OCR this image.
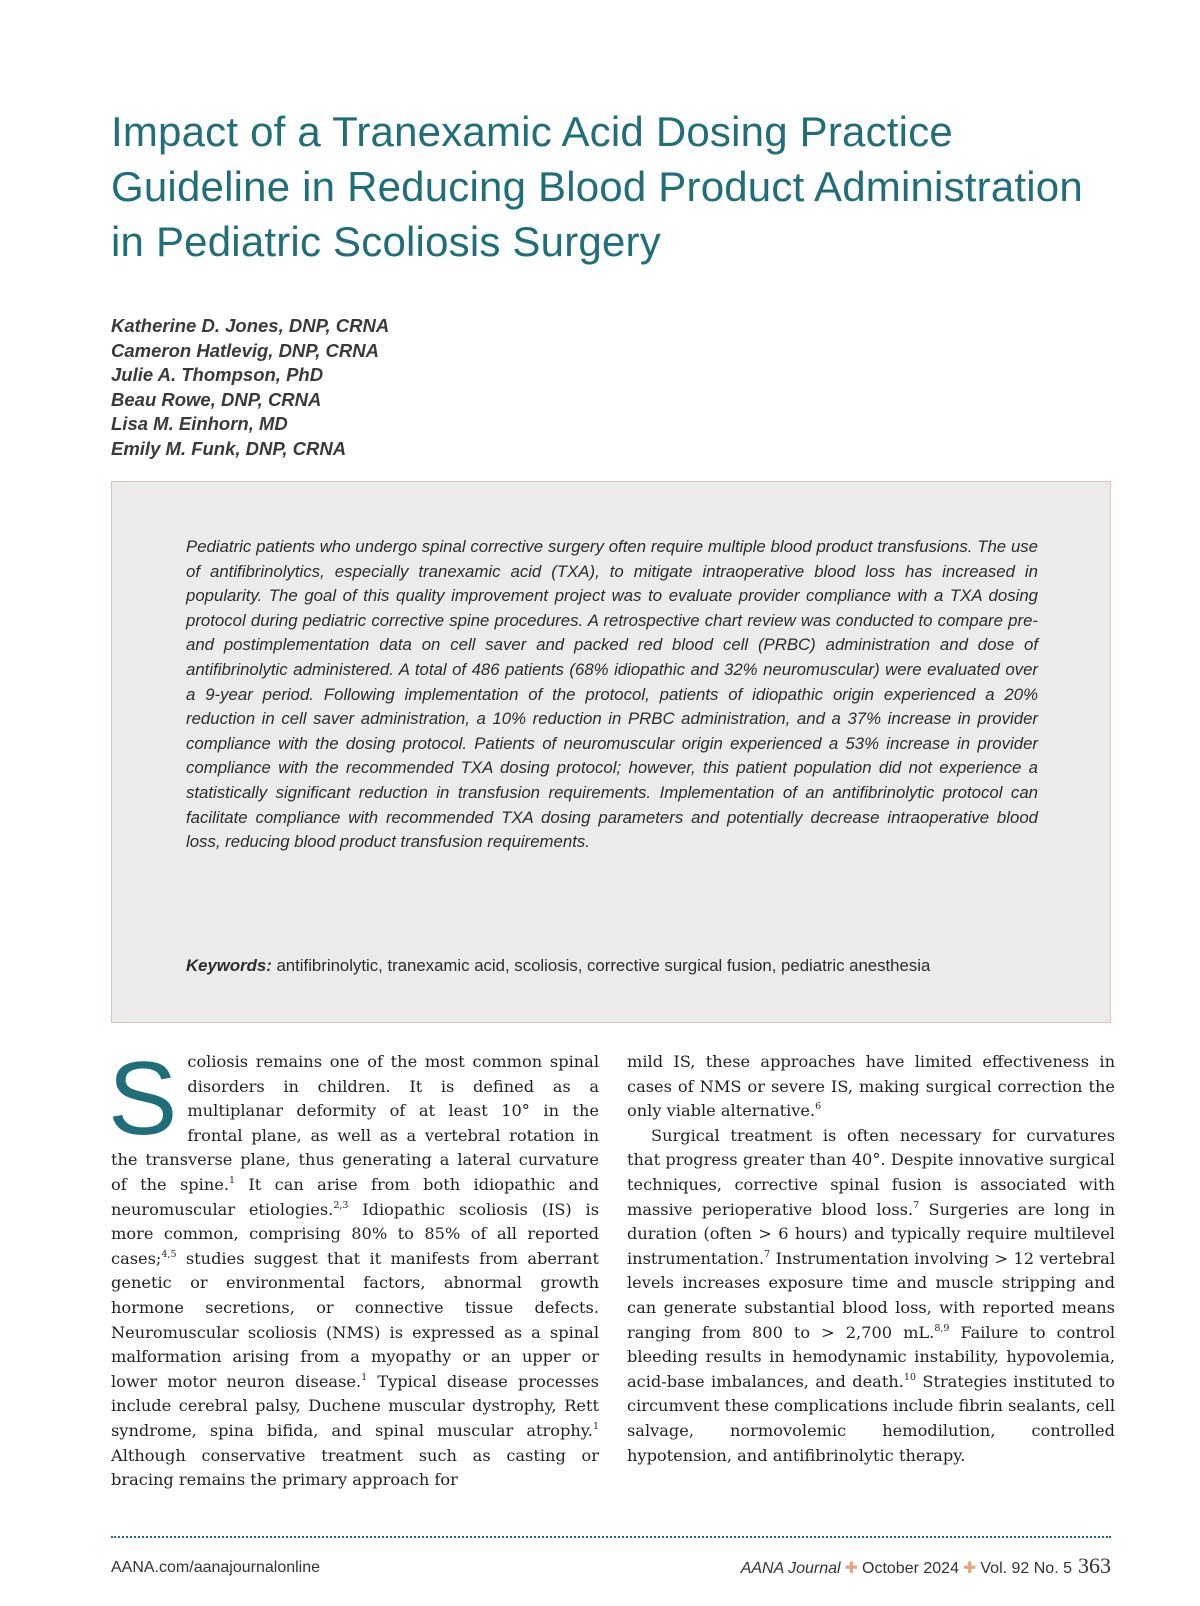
Impact of a Tranexamic Acid Dosing Practice Guideline in Reducing Blood Product Administration in Pediatric Scoliosis Surgery
Katherine D. Jones, DNP, CRNA
Cameron Hatlevig, DNP, CRNA
Julie A. Thompson, PhD
Beau Rowe, DNP, CRNA
Lisa M. Einhorn, MD
Emily M. Funk, DNP, CRNA

Pediatric patients who undergo spinal corrective surgery often require multiple blood product transfusions. The use of antifibrinolytics, especially tranexamic acid (TXA), to mitigate intraoperative blood loss has increased in popularity. The goal of this quality improvement project was to evaluate provider compliance with a TXA dosing protocol during pediatric corrective spine procedures. A retrospective chart review was conducted to compare pre- and postimplementation data on cell saver and packed red blood cell (PRBC) administration and dose of antifibrinolytic administered. A total of 486 patients (68% idiopathic and 32% neuromuscular) were evaluated over a 9-year period. Following implementation of the protocol, patients of idiopathic origin experienced a 20% reduction in cell saver administration, a 10% reduction in PRBC administration, and a 37% increase in provider compliance with the dosing protocol. Patients of neuromuscular origin experienced a 53% increase in provider compliance with the recommended TXA dosing protocol; however, this patient population did not experience a statistically significant reduction in transfusion requirements. Implementation of an antifibrinolytic protocol can facilitate compliance with recommended TXA dosing parameters and potentially decrease intraoperative blood loss, reducing blood product transfusion requirements.

Keywords: antifibrinolytic, tranexamic acid, scoliosis, corrective surgical fusion, pediatric anesthesia

Scoliosis remains one of the most common spinal disorders in children. It is defined as a multiplanar deformity of at least 10° in the frontal plane, as well as a vertebral rotation in the transverse plane, thus generating a lateral curvature of the spine.$^1$ It can arise from both idiopathic and neuromuscular etiologies.$^{2,3}$ Idiopathic scoliosis (IS) is more common, comprising 80% to 85% of all reported cases;$^{4,5}$ studies suggest that it manifests from aberrant genetic or environmental factors, abnormal growth hormone secretions, or connective tissue defects. Neuromuscular scoliosis (NMS) is expressed as a spinal malformation arising from a myopathy or an upper or lower motor neuron disease.$^1$ Typical disease processes include cerebral palsy, Duchene muscular dystrophy, Rett syndrome, spina bifida, and spinal muscular atrophy.$^1$ Although conservative treatment such as casting or bracing remains the primary approach for

mild IS, these approaches have limited effectiveness in cases of NMS or severe IS, making surgical correction the only viable alternative.$^6$

Surgical treatment is often necessary for curvatures that progress greater than 40°. Despite innovative surgical techniques, corrective spinal fusion is associated with massive perioperative blood loss.$^7$ Surgeries are long in duration (often > 6 hours) and typically require multilevel instrumentation.$^7$ Instrumentation involving > 12 vertebral levels increases exposure time and muscle stripping and can generate substantial blood loss, with reported means ranging from 800 to > 2,700 mL.$^{8,9}$ Failure to control bleeding results in hemodynamic instability, hypovolemia, acid-base imbalances, and death.$^{10}$ Strategies instituted to circumvent these complications include fibrin sealants, cell salvage, normovolemic hemodilution, controlled hypotension, and antifibrinolytic therapy.

AANA.com/aanajournalonline	AANA Journal ✚ October 2024 ✚ Vol. 92 No. 5 363
